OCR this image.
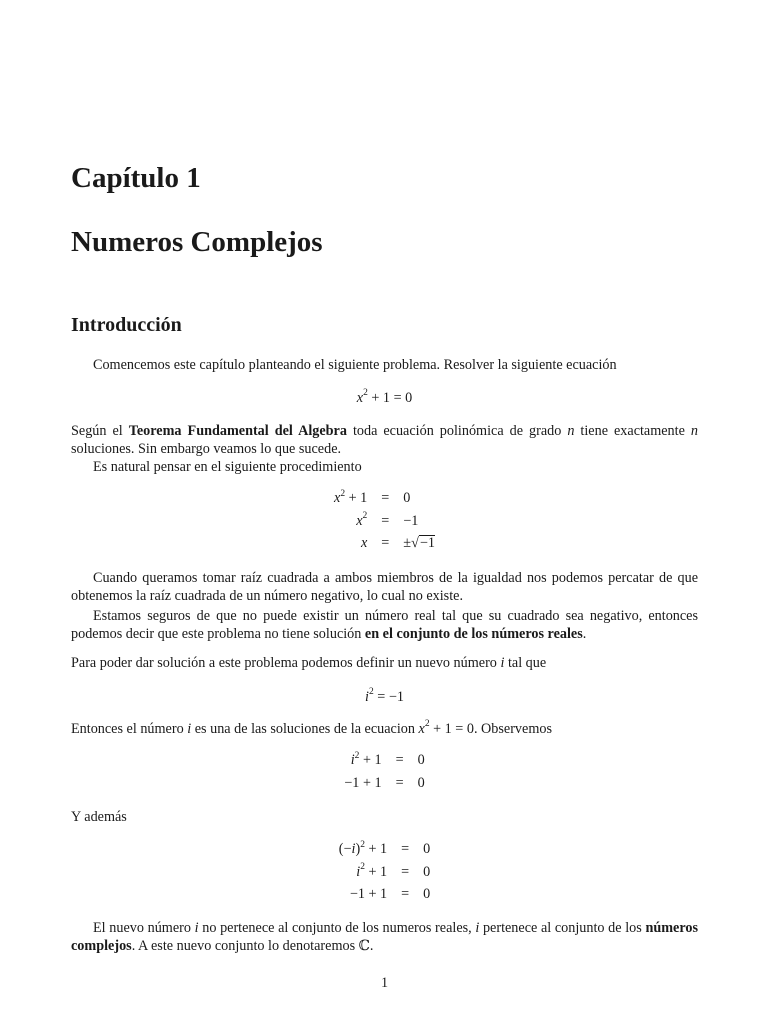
Capítulo 1
Numeros Complejos
Introducción
Comencemos este capítulo planteando el siguiente problema. Resolver la siguiente ecuación
$x^2 + 1 = 0$
Según el Teorema Fundamental del Algebra toda ecuación polinómica de grado n tiene exactamente n soluciones. Sin embargo veamos lo que sucede.
Es natural pensar en el siguiente procedimiento
$x^2 + 1$	=	0
$x^2$	=	−1
x	=	±√−1
Cuando queramos tomar raíz cuadrada a ambos miembros de la igualdad nos podemos percatar de que obtenemos la raíz cuadrada de un número negativo, lo cual no existe.
Estamos seguros de que no puede existir un número real tal que su cuadrado sea negativo, entonces podemos decir que este problema no tiene solución en el conjunto de los números reales.
Para poder dar solución a este problema podemos definir un nuevo número i tal que
$i^2 = -1$
Entonces el número i es una de las soluciones de la ecuacion $x^2 + 1 = 0$. Observemos
$i^2 + 1$	=	0
−1 + 1	=	0
Y además
$(-i)^2 + 1$	=	0
$i^2 + 1$	=	0
−1 + 1	=	0
El nuevo número i no pertenece al conjunto de los numeros reales, i pertenece al conjunto de los números complejos. A este nuevo conjunto lo denotaremos ℂ.
1
